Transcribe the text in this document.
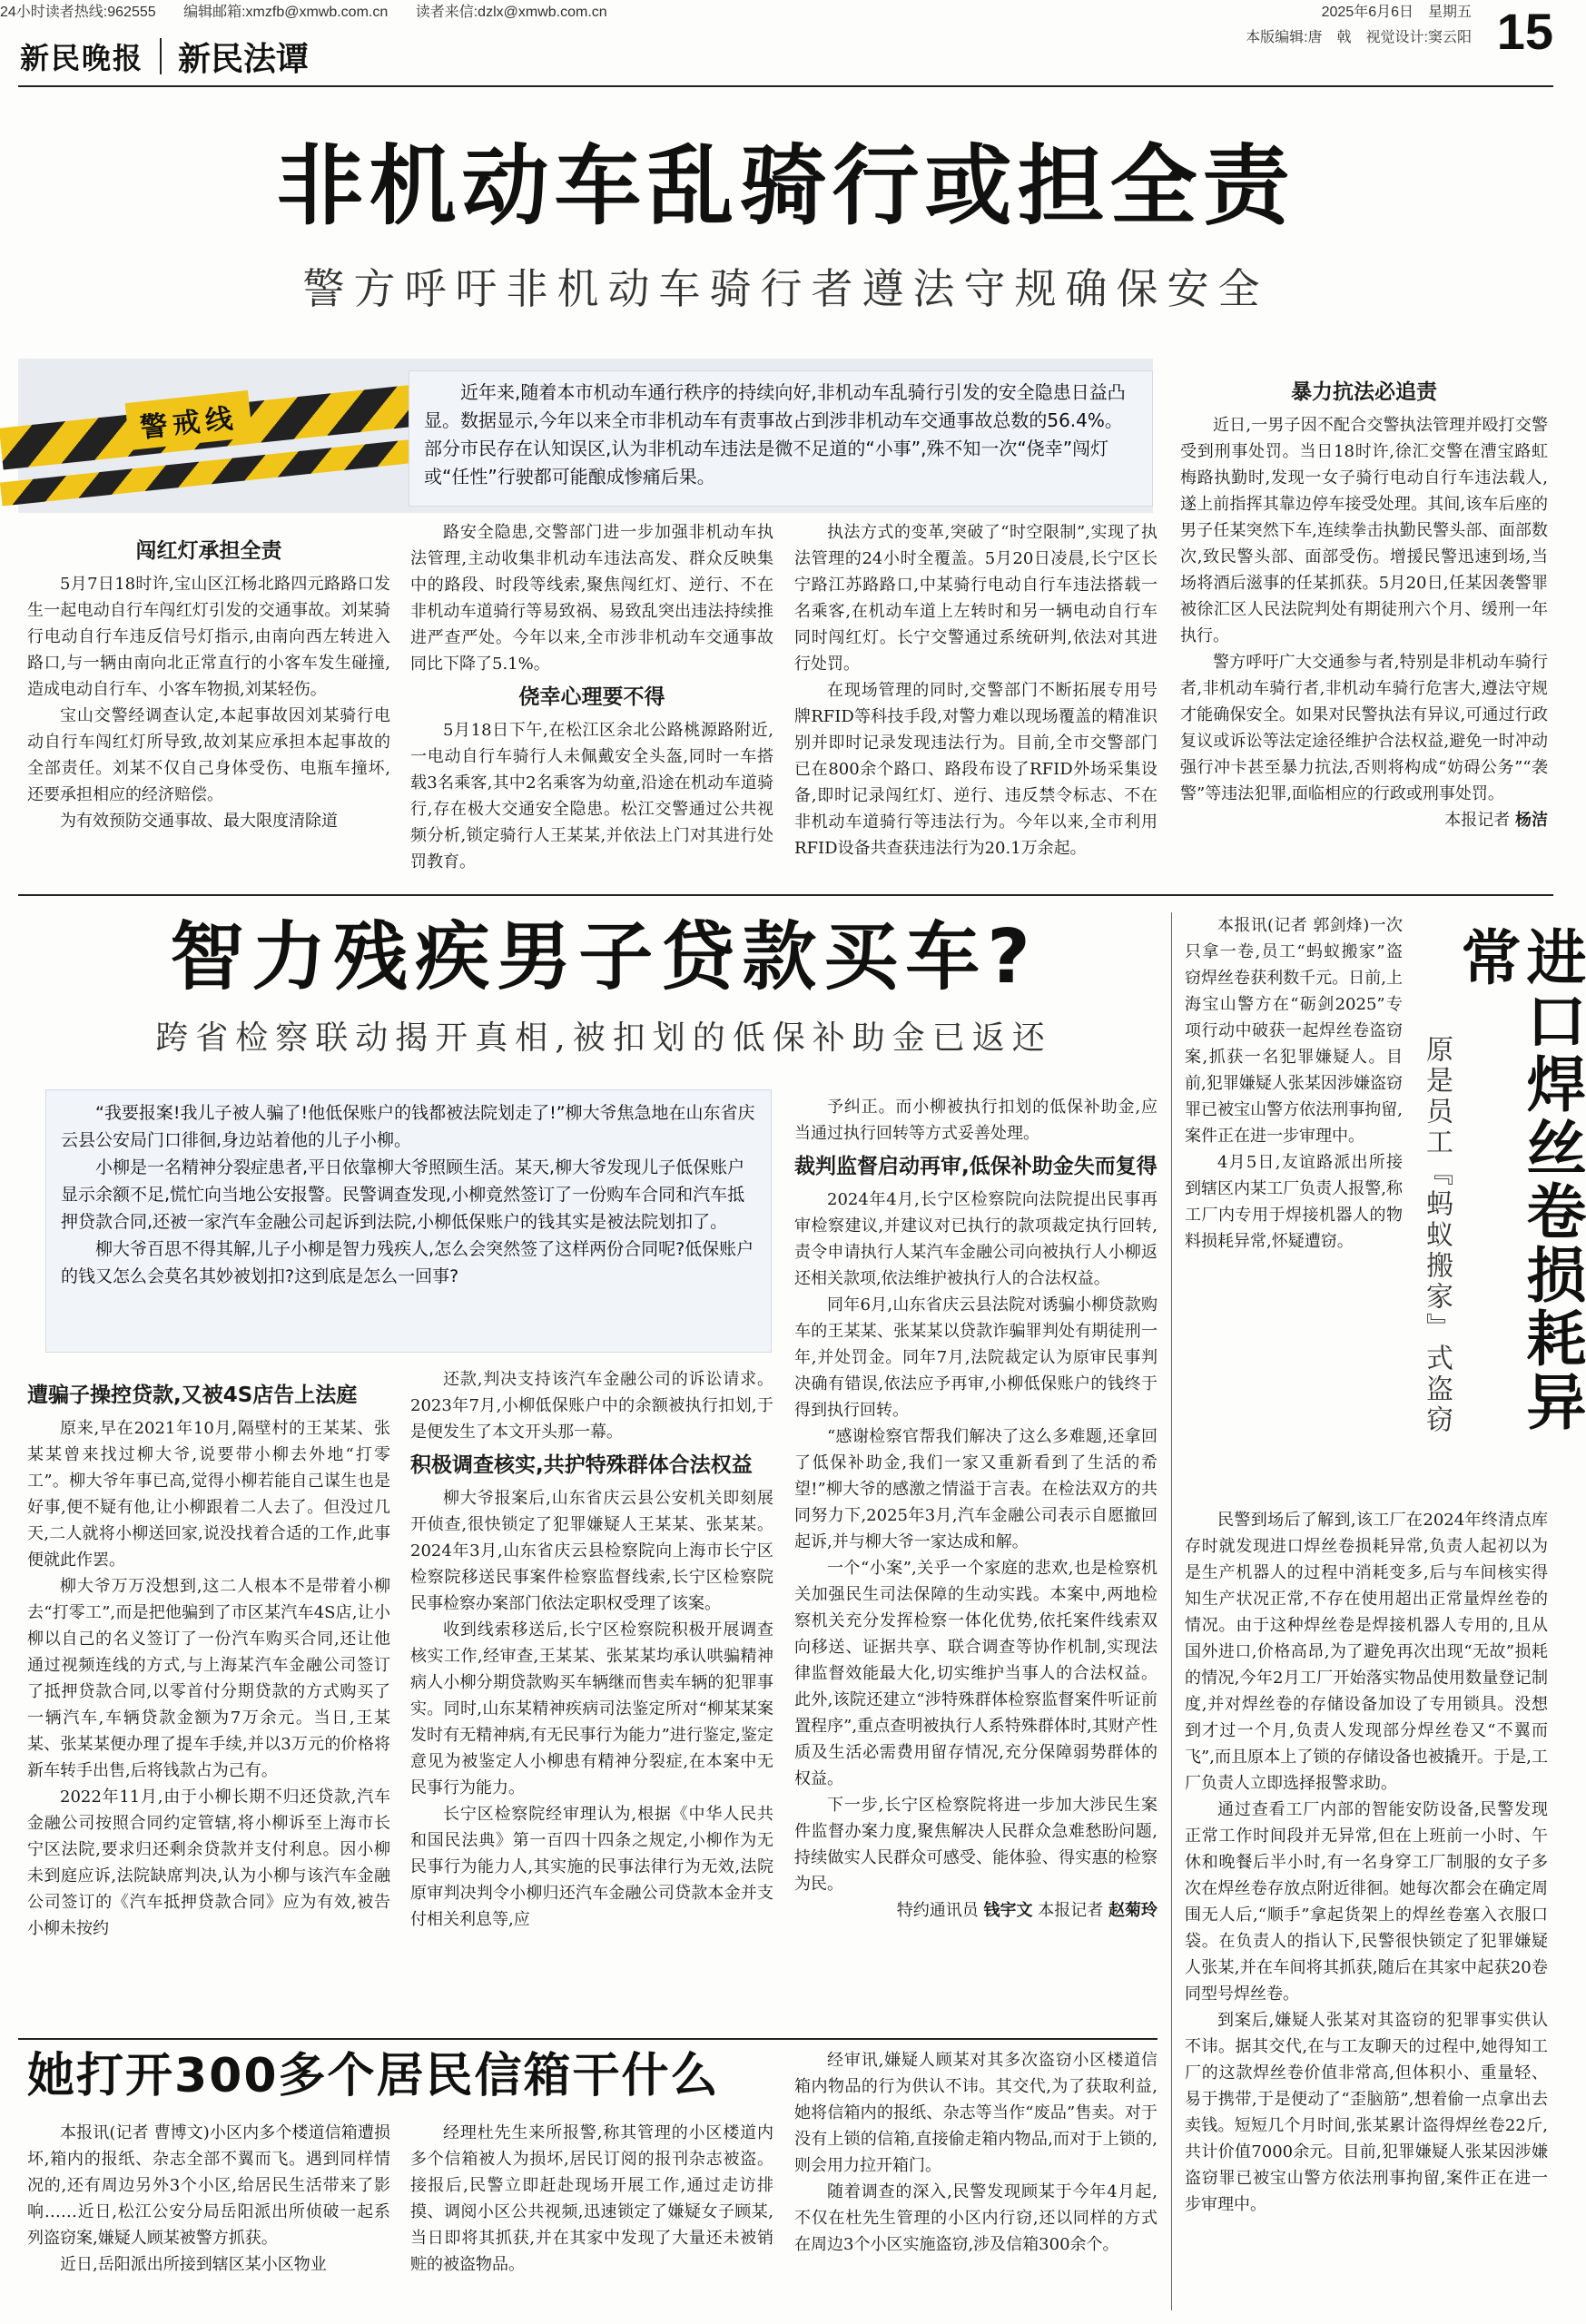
24小时读者热线:962555 编辑邮箱:xmzfb@xmwb.com.cn 读者来信:dzlx@xmwb.com.cn	2025年6月6日　星期五 15
本版编辑:唐　戟　视觉设计:窦云阳
新民晚报 新民法谭
非机动车乱骑行或担全责
警方呼吁非机动车骑行者遵法守规确保安全
警戒线

近年来,随着本市机动车通行秩序的持续向好,非机动车乱骑行引发的安全隐患日益凸显。数据显示,今年以来全市非机动车有责事故占到涉非机动车交通事故总数的56.4%。部分市民存在认知误区,认为非机动车违法是微不足道的“小事”,殊不知一次“侥幸”闯灯或“任性”行驶都可能酿成惨痛后果。

闯红灯承担全责

5月7日18时许,宝山区江杨北路四元路路口发生一起电动自行车闯红灯引发的交通事故。刘某骑行电动自行车违反信号灯指示,由南向西左转进入路口,与一辆由南向北正常直行的小客车发生碰撞,造成电动自行车、小客车物损,刘某轻伤。

宝山交警经调查认定,本起事故因刘某骑行电动自行车闯红灯所导致,故刘某应承担本起事故的全部责任。刘某不仅自己身体受伤、电瓶车撞坏,还要承担相应的经济赔偿。

为有效预防交通事故、最大限度清除道

路安全隐患,交警部门进一步加强非机动车执法管理,主动收集非机动车违法高发、群众反映集中的路段、时段等线索,聚焦闯红灯、逆行、不在非机动车道骑行等易致祸、易致乱突出违法持续推进严查严处。今年以来,全市涉非机动车交通事故同比下降了5.1%。

侥幸心理要不得

5月18日下午,在松江区余北公路桃源路附近,一电动自行车骑行人未佩戴安全头盔,同时一车搭载3名乘客,其中2名乘客为幼童,沿途在机动车道骑行,存在极大交通安全隐患。松江交警通过公共视频分析,锁定骑行人王某某,并依法上门对其进行处罚教育。

执法方式的变革,突破了“时空限制”,实现了执法管理的24小时全覆盖。5月20日凌晨,长宁区长宁路江苏路路口,中某骑行电动自行车违法搭载一名乘客,在机动车道上左转时和另一辆电动自行车同时闯红灯。长宁交警通过系统研判,依法对其进行处罚。

在现场管理的同时,交警部门不断拓展专用号牌RFID等科技手段,对警力难以现场覆盖的精准识别并即时记录发现违法行为。目前,全市交警部门已在800余个路口、路段布设了RFID外场采集设备,即时记录闯红灯、逆行、违反禁令标志、不在非机动车道骑行等违法行为。今年以来,全市利用RFID设备共查获违法行为20.1万余起。

暴力抗法必追责

近日,一男子因不配合交警执法管理并殴打交警受到刑事处罚。当日18时许,徐汇交警在漕宝路虹梅路执勤时,发现一女子骑行电动自行车违法载人,遂上前指挥其靠边停车接受处理。其间,该车后座的男子任某突然下车,连续拳击执勤民警头部、面部数次,致民警头部、面部受伤。增援民警迅速到场,当场将酒后滋事的任某抓获。5月20日,任某因袭警罪被徐汇区人民法院判处有期徒刑六个月、缓刑一年执行。

警方呼吁广大交通参与者,特别是非机动车骑行者,非机动车骑行者,非机动车骑行危害大,遵法守规才能确保安全。如果对民警执法有异议,可通过行政复议或诉讼等法定途径维护合法权益,避免一时冲动强行冲卡甚至暴力抗法,否则将构成“妨碍公务”“袭警”等违法犯罪,面临相应的行政或刑事处罚。

本报记者 杨洁
智力残疾男子贷款买车?
跨省检察联动揭开真相,被扣划的低保补助金已返还

“我要报案!我儿子被人骗了!他低保账户的钱都被法院划走了!”柳大爷焦急地在山东省庆云县公安局门口徘徊,身边站着他的儿子小柳。

小柳是一名精神分裂症患者,平日依靠柳大爷照顾生活。某天,柳大爷发现儿子低保账户显示余额不足,慌忙向当地公安报警。民警调查发现,小柳竟然签订了一份购车合同和汽车抵押贷款合同,还被一家汽车金融公司起诉到法院,小柳低保账户的钱其实是被法院划扣了。

柳大爷百思不得其解,儿子小柳是智力残疾人,怎么会突然签了这样两份合同呢?低保账户的钱又怎么会莫名其妙被划扣?这到底是怎么一回事?

遭骗子操控贷款,又被4S店告上法庭

原来,早在2021年10月,隔壁村的王某某、张某某曾来找过柳大爷,说要带小柳去外地“打零工”。柳大爷年事已高,觉得小柳若能自己谋生也是好事,便不疑有他,让小柳跟着二人去了。但没过几天,二人就将小柳送回家,说没找着合适的工作,此事便就此作罢。

柳大爷万万没想到,这二人根本不是带着小柳去“打零工”,而是把他骗到了市区某汽车4S店,让小柳以自己的名义签订了一份汽车购买合同,还让他通过视频连线的方式,与上海某汽车金融公司签订了抵押贷款合同,以零首付分期贷款的方式购买了一辆汽车,车辆贷款金额为7万余元。当日,王某某、张某某便办理了提车手续,并以3万元的价格将新车转手出售,后将钱款占为己有。

2022年11月,由于小柳长期不归还贷款,汽车金融公司按照合同约定管辖,将小柳诉至上海市长宁区法院,要求归还剩余贷款并支付利息。因小柳未到庭应诉,法院缺席判决,认为小柳与该汽车金融公司签订的《汽车抵押贷款合同》应为有效,被告小柳未按约

还款,判决支持该汽车金融公司的诉讼请求。2023年7月,小柳低保账户中的余额被执行扣划,于是便发生了本文开头那一幕。

积极调查核实,共护特殊群体合法权益

柳大爷报案后,山东省庆云县公安机关即刻展开侦查,很快锁定了犯罪嫌疑人王某某、张某某。2024年3月,山东省庆云县检察院向上海市长宁区检察院移送民事案件检察监督线索,长宁区检察院民事检察办案部门依法定职权受理了该案。

收到线索移送后,长宁区检察院积极开展调查核实工作,经审查,王某某、张某某均承认哄骗精神病人小柳分期贷款购买车辆继而售卖车辆的犯罪事实。同时,山东某精神疾病司法鉴定所对“柳某某案发时有无精神病,有无民事行为能力”进行鉴定,鉴定意见为被鉴定人小柳患有精神分裂症,在本案中无民事行为能力。

长宁区检察院经审理认为,根据《中华人民共和国民法典》第一百四十四条之规定,小柳作为无民事行为能力人,其实施的民事法律行为无效,法院原审判决判令小柳归还汽车金融公司贷款本金并支付相关利息等,应

予纠正。而小柳被执行扣划的低保补助金,应当通过执行回转等方式妥善处理。

裁判监督启动再审,低保补助金失而复得

2024年4月,长宁区检察院向法院提出民事再审检察建议,并建议对已执行的款项裁定执行回转,责令申请执行人某汽车金融公司向被执行人小柳返还相关款项,依法维护被执行人的合法权益。

同年6月,山东省庆云县法院对诱骗小柳贷款购车的王某某、张某某以贷款诈骗罪判处有期徒刑一年,并处罚金。同年7月,法院裁定认为原审民事判决确有错误,依法应予再审,小柳低保账户的钱终于得到执行回转。

“感谢检察官帮我们解决了这么多难题,还拿回了低保补助金,我们一家又重新看到了生活的希望!”柳大爷的感激之情溢于言表。在检法双方的共同努力下,2025年3月,汽车金融公司表示自愿撤回起诉,并与柳大爷一家达成和解。

一个“小案”,关乎一个家庭的悲欢,也是检察机关加强民生司法保障的生动实践。本案中,两地检察机关充分发挥检察一体化优势,依托案件线索双向移送、证据共享、联合调查等协作机制,实现法律监督效能最大化,切实维护当事人的合法权益。此外,该院还建立“涉特殊群体检察监督案件听证前置程序”,重点查明被执行人系特殊群体时,其财产性质及生活必需费用留存情况,充分保障弱势群体的权益。

下一步,长宁区检察院将进一步加大涉民生案件监督办案力度,聚焦解决人民群众急难愁盼问题,持续做实人民群众可感受、能体验、得实惠的检察为民。

特约通讯员 钱宇文 本报记者 赵菊玲
进口焊丝卷损耗异常
原是员工『蚂蚁搬家』式盗窃

本报讯(记者 郭剑烽)一次只拿一卷,员工“蚂蚁搬家”盗窃焊丝卷获利数千元。日前,上海宝山警方在“砺剑2025”专项行动中破获一起焊丝卷盗窃案,抓获一名犯罪嫌疑人。目前,犯罪嫌疑人张某因涉嫌盗窃罪已被宝山警方依法刑事拘留,案件正在进一步审理中。

4月5日,友谊路派出所接到辖区内某工厂负责人报警,称工厂内专用于焊接机器人的物料损耗异常,怀疑遭窃。

民警到场后了解到,该工厂在2024年终清点库存时就发现进口焊丝卷损耗异常,负责人起初以为是生产机器人的过程中消耗变多,后与车间核实得知生产状况正常,不存在使用超出正常量焊丝卷的情况。由于这种焊丝卷是焊接机器人专用的,且从国外进口,价格高昂,为了避免再次出现“无故”损耗的情况,今年2月工厂开始落实物品使用数量登记制度,并对焊丝卷的存储设备加设了专用锁具。没想到才过一个月,负责人发现部分焊丝卷又“不翼而飞”,而且原本上了锁的存储设备也被撬开。于是,工厂负责人立即选择报警求助。

通过查看工厂内部的智能安防设备,民警发现正常工作时间段并无异常,但在上班前一小时、午休和晚餐后半小时,有一名身穿工厂制服的女子多次在焊丝卷存放点附近徘徊。她每次都会在确定周围无人后,“顺手”拿起货架上的焊丝卷塞入衣服口袋。在负责人的指认下,民警很快锁定了犯罪嫌疑人张某,并在车间将其抓获,随后在其家中起获20卷同型号焊丝卷。

到案后,嫌疑人张某对其盗窃的犯罪事实供认不讳。据其交代,在与工友聊天的过程中,她得知工厂的这款焊丝卷价值非常高,但体积小、重量轻、易于携带,于是便动了“歪脑筋”,想着偷一点拿出去卖钱。短短几个月时间,张某累计盗得焊丝卷22斤,共计价值7000余元。目前,犯罪嫌疑人张某因涉嫌盗窃罪已被宝山警方依法刑事拘留,案件正在进一步审理中。

她打开300多个居民信箱干什么

本报讯(记者 曹博文)小区内多个楼道信箱遭损坏,箱内的报纸、杂志全部不翼而飞。遇到同样情况的,还有周边另外3个小区,给居民生活带来了影响……近日,松江公安分局岳阳派出所侦破一起系列盗窃案,嫌疑人顾某被警方抓获。

近日,岳阳派出所接到辖区某小区物业

经理杜先生来所报警,称其管理的小区楼道内多个信箱被人为损坏,居民订阅的报刊杂志被盗。接报后,民警立即赶赴现场开展工作,通过走访排摸、调阅小区公共视频,迅速锁定了嫌疑女子顾某,当日即将其抓获,并在其家中发现了大量还未被销赃的被盗物品。

经审讯,嫌疑人顾某对其多次盗窃小区楼道信箱内物品的行为供认不讳。其交代,为了获取利益,她将信箱内的报纸、杂志等当作“废品”售卖。对于没有上锁的信箱,直接偷走箱内物品,而对于上锁的,则会用力拉开箱门。

随着调查的深入,民警发现顾某于今年4月起,不仅在杜先生管理的小区内行窃,还以同样的方式在周边3个小区实施盗窃,涉及信箱300余个。
